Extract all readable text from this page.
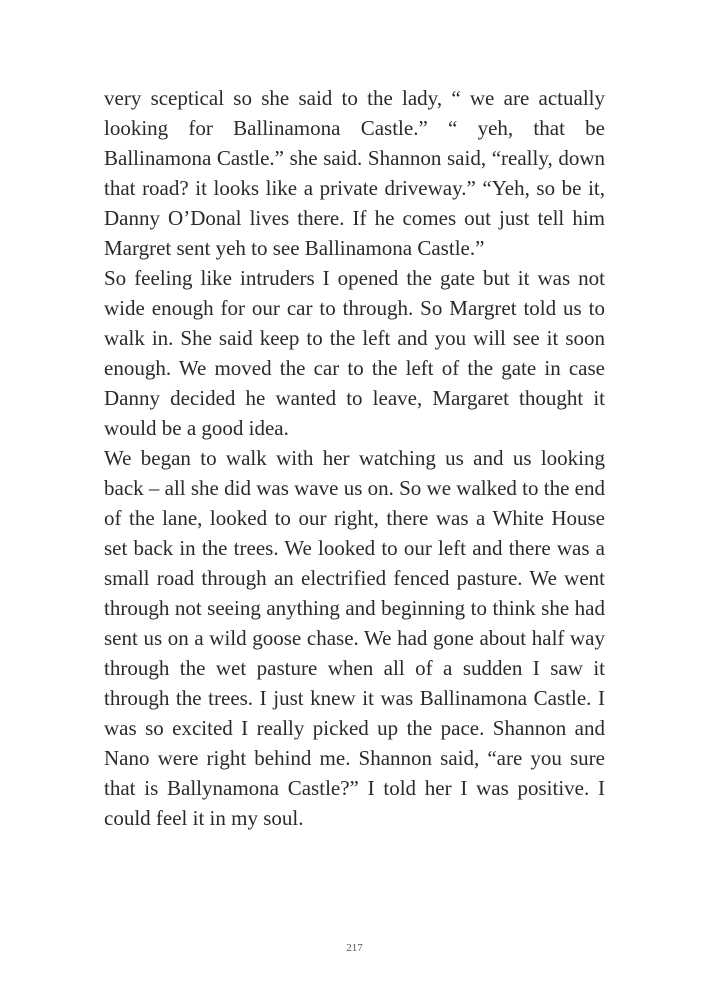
very sceptical so she said to the lady, “ we are actually looking for Ballinamona Castle.” “ yeh, that be Ballinamona Castle.” she said. Shannon said, “really, down that road? it looks like a private driveway.” “Yeh, so be it, Danny O’Donal lives there. If he comes out just tell him Margret sent yeh to see Ballinamona Castle.”

So feeling like intruders I opened the gate but it was not wide enough for our car to through. So Margret told us to walk in. She said keep to the left and you will see it soon enough. We moved the car to the left of the gate in case Danny decided he wanted to leave, Margaret thought it would be a good idea.

We began to walk with her watching us and us looking back – all she did was wave us on. So we walked to the end of the lane, looked to our right, there was a White House set back in the trees. We looked to our left and there was a small road through an electrified fenced pasture. We went through not seeing anything and beginning to think she had sent us on a wild goose chase. We had gone about half way through the wet pasture when all of a sudden I saw it through the trees. I just knew it was Ballinamona Castle. I was so excited I really picked up the pace. Shannon and Nano were right behind me. Shannon said, “are you sure that is Ballynamona Castle?” I told her I was positive. I could feel it in my soul.

217
